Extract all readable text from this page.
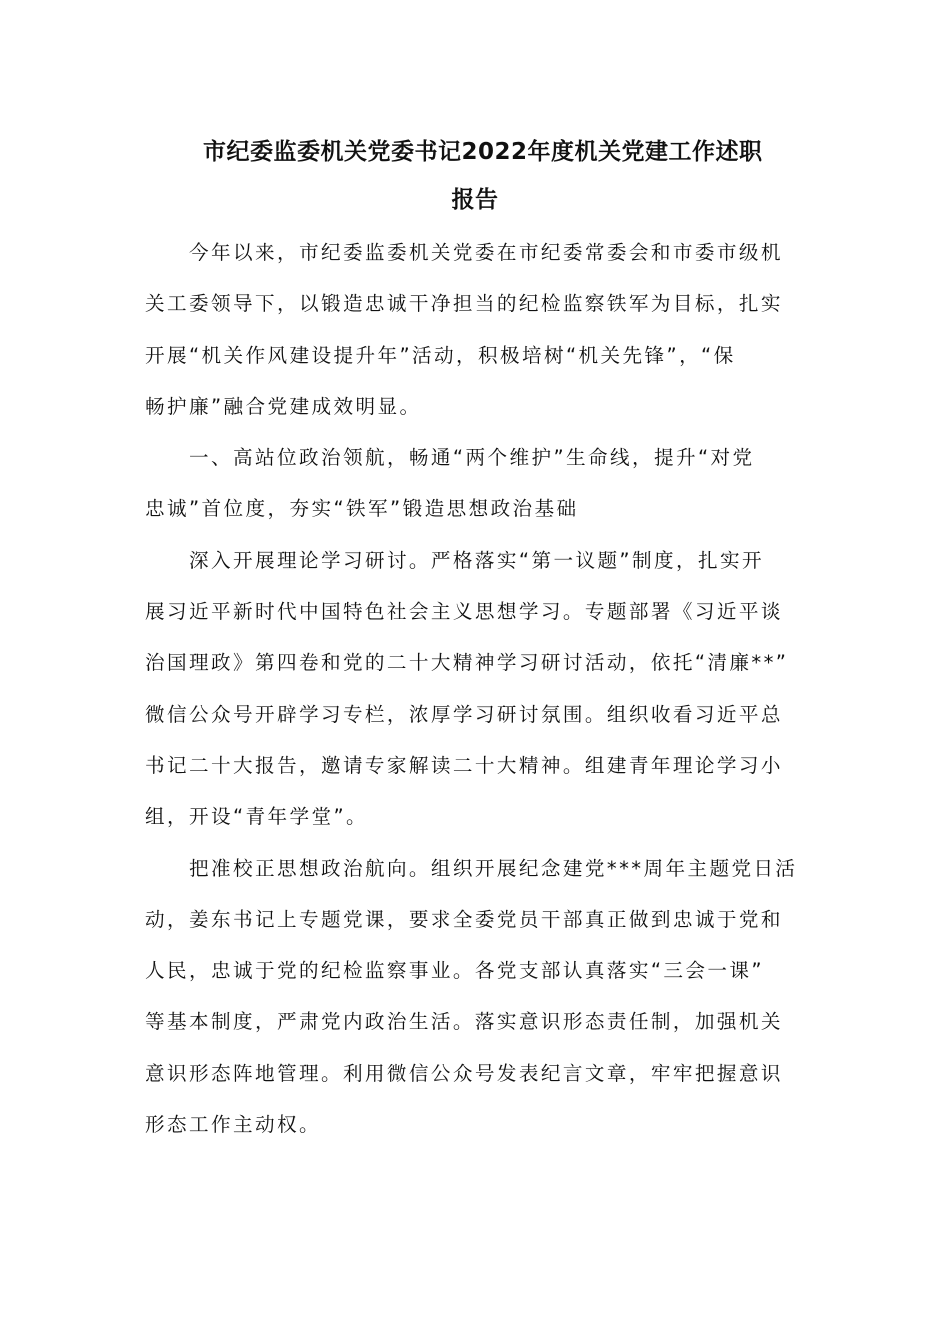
市纪委监委机关党委书记2022年度机关党建工作述职
报告

今年以来，市纪委监委机关党委在市纪委常委会和市委市级机
关工委领导下，以锻造忠诚干净担当的纪检监察铁军为目标，扎实
开展“机关作风建设提升年”活动，积极培树“机关先锋”，“保
畅护廉”融合党建成效明显。

一、高站位政治领航，畅通“两个维护”生命线，提升“对党
忠诚”首位度，夯实“铁军”锻造思想政治基础

深入开展理论学习研讨。严格落实“第一议题”制度，扎实开
展习近平新时代中国特色社会主义思想学习。专题部署《习近平谈
治国理政》第四卷和党的二十大精神学习研讨活动，依托“清廉**”
微信公众号开辟学习专栏，浓厚学习研讨氛围。组织收看习近平总
书记二十大报告，邀请专家解读二十大精神。组建青年理论学习小
组，开设“青年学堂”。

把准校正思想政治航向。组织开展纪念建党***周年主题党日活
动，姜东书记上专题党课，要求全委党员干部真正做到忠诚于党和
人民，忠诚于党的纪检监察事业。各党支部认真落实“三会一课”
等基本制度，严肃党内政治生活。落实意识形态责任制，加强机关
意识形态阵地管理。利用微信公众号发表纪言文章，牢牢把握意识
形态工作主动权。
